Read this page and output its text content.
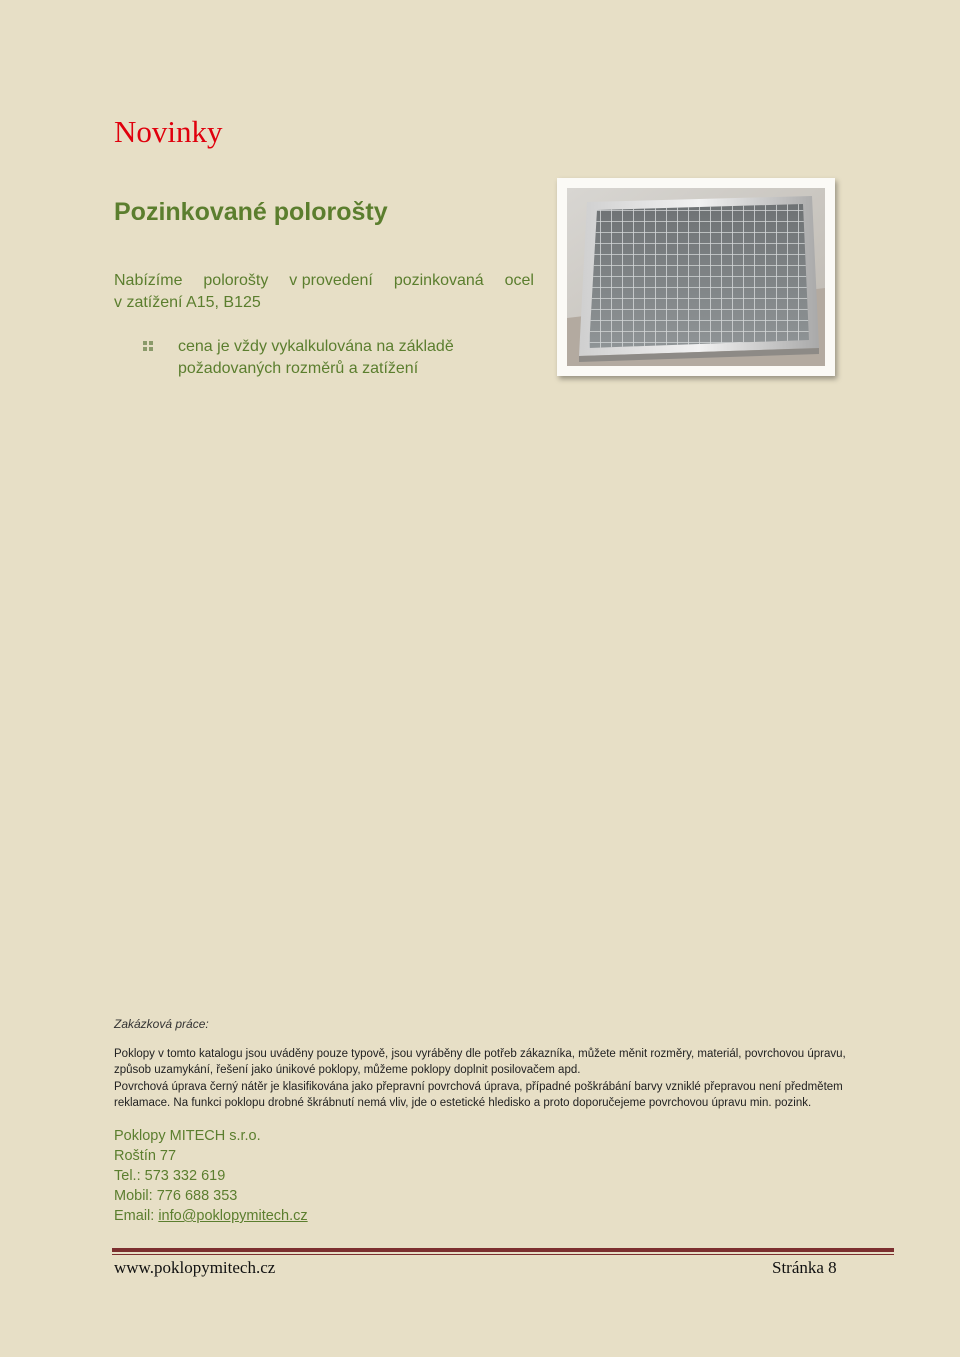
Novinky
Pozinkované polorošty
Nabízíme polorošty v provedení pozinkovaná ocel
v zatížení A15, B125
cena je vždy vykalkulována na základě požadovaných rozměrů a zatížení

Zakázková práce:

Poklopy v tomto katalogu jsou uváděny pouze typově, jsou vyráběny dle potřeb zákazníka, můžete měnit rozměry, materiál, povrchovou úpravu, způsob uzamykání, řešení jako únikové poklopy, můžeme poklopy doplnit posilovačem apd.

Povrchová úprava černý nátěr je klasifikována jako přepravní povrchová úprava, případné poškrábání barvy vzniklé přepravou není předmětem reklamace. Na funkci poklopu drobné škrábnutí nemá vliv, jde o estetické hledisko a proto doporučejeme povrchovou úpravu min. pozink.

Poklopy MITECH s.r.o.
Roštín 77
Tel.: 573 332 619
Mobil: 776 688 353
Email: info@poklopymitech.cz
www.poklopymitech.cz	Stránka 8
